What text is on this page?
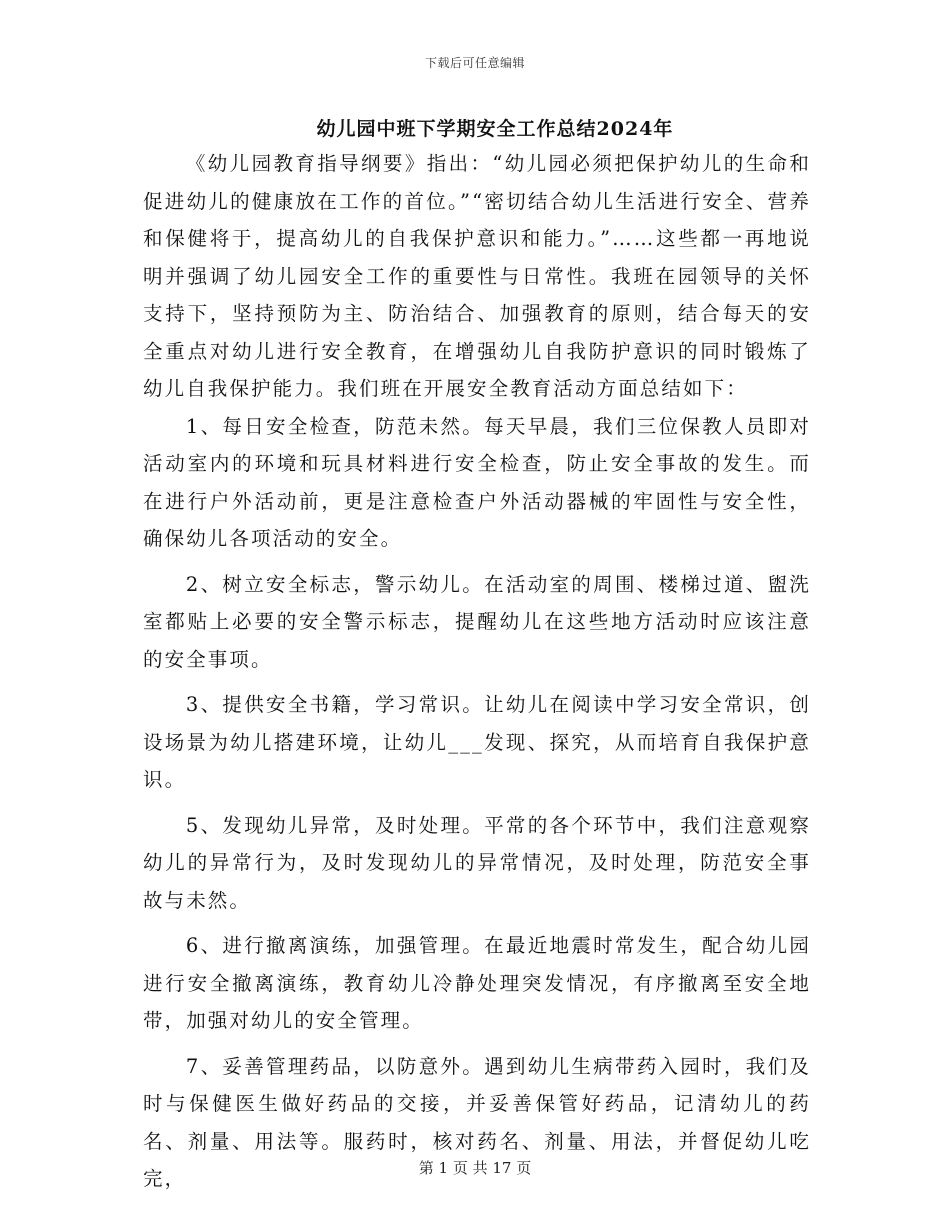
下载后可任意编辑
幼儿园中班下学期安全工作总结2024年

《幼儿园教育指导纲要》指出：“幼儿园必须把保护幼儿的生命和促进幼儿的健康放在工作的首位。”“密切结合幼儿生活进行安全、营养和保健将于，提高幼儿的自我保护意识和能力。”……这些都一再地说明并强调了幼儿园安全工作的重要性与日常性。我班在园领导的关怀支持下，坚持预防为主、防治结合、加强教育的原则，结合每天的安全重点对幼儿进行安全教育，在增强幼儿自我防护意识的同时锻炼了幼儿自我保护能力。我们班在开展安全教育活动方面总结如下：

1、每日安全检查，防范未然。每天早晨，我们三位保教人员即对活动室内的环境和玩具材料进行安全检查，防止安全事故的发生。而在进行户外活动前，更是注意检查户外活动器械的牢固性与安全性，确保幼儿各项活动的安全。

2、树立安全标志，警示幼儿。在活动室的周围、楼梯过道、盥洗室都贴上必要的安全警示标志，提醒幼儿在这些地方活动时应该注意的安全事项。

3、提供安全书籍，学习常识。让幼儿在阅读中学习安全常识，创设场景为幼儿搭建环境，让幼儿___发现、探究，从而培育自我保护意识。

5、发现幼儿异常，及时处理。平常的各个环节中，我们注意观察幼儿的异常行为，及时发现幼儿的异常情况，及时处理，防范安全事故与未然。

6、进行撤离演练，加强管理。在最近地震时常发生，配合幼儿园进行安全撤离演练，教育幼儿冷静处理突发情况，有序撤离至安全地带，加强对幼儿的安全管理。

7、妥善管理药品，以防意外。遇到幼儿生病带药入园时，我们及时与保健医生做好药品的交接，并妥善保管好药品，记清幼儿的药名、剂量、用法等。服药时，核对药名、剂量、用法，并督促幼儿吃完，	第 1 页 共 17 页
